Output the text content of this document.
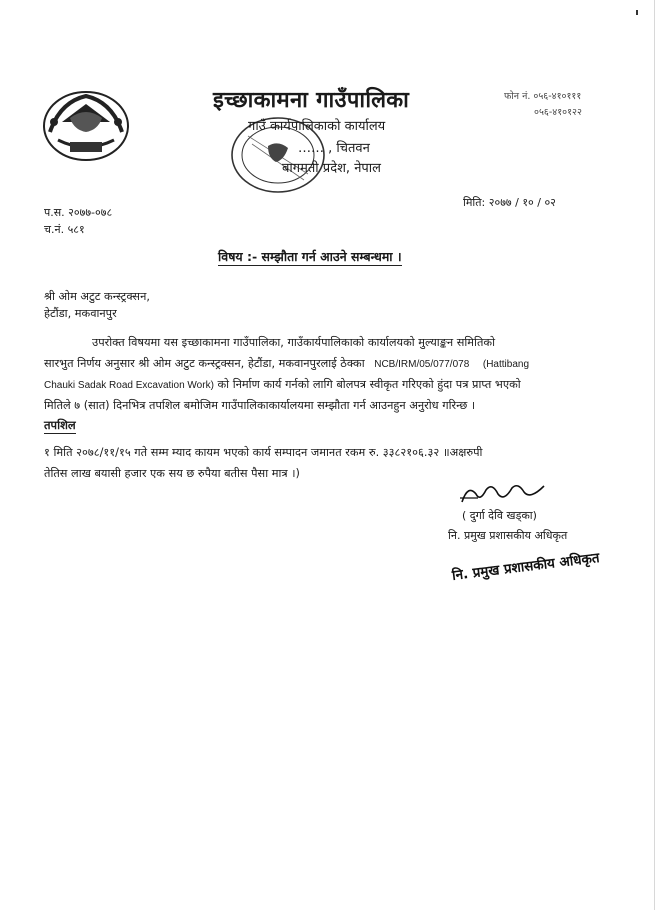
इच्छाकामना गाउँपालिका
गाउँ कार्यपालिकाको कार्यालय
…… , चितवन
बागमती प्रदेश, नेपाल
फोन नं. ०५६-४१०१११
०५६-४१०१२२
प.स. २०७७-०७८
च.नं. ५८१
मिति: २०७७ / १० / ०२
विषय :- सम्झौता गर्न आउने सम्बन्धमा ।
श्री ओम अटुट कन्स्ट्रक्सन,
हेटौंडा, मकवानपुर
उपरोक्त विषयमा यस इच्छाकामना गाउँपालिका, गाउँकार्यपालिकाको कार्यालयको मुल्याङ्कन समितिको
सारभुत निर्णय अनुसार श्री ओम अटुट कन्स्ट्रक्सन, हेटौंडा, मकवानपुरलाई ठेक्का NCB/IRM/05/077/078 (Hattibang
Chauki Sadak Road Excavation Work) को निर्माण कार्य गर्नको लागि बोलपत्र स्वीकृत गरिएको हुंदा पत्र प्राप्त भएको
मितिले ७ (सात) दिनभित्र तपशिल बमोजिम गाउँपालिकाकार्यालयमा सम्झौता गर्न आउनहुन अनुरोध गरिन्छ ।
तपशिल
१ मिति २०७८/११/१५ गते सम्म म्याद कायम भएको कार्य सम्पादन जमानत रकम रु. ३३८२१०६.३२ ॥अक्षरुपी
तेतिस लाख बयासी हजार एक सय छ रुपैया बतीस पैसा मात्र ।)
( दुर्गा देवि खड्का)
नि. प्रमुख प्रशासकीय अधिकृत
नि. प्रमुख प्रशासकीय अधिकृत
